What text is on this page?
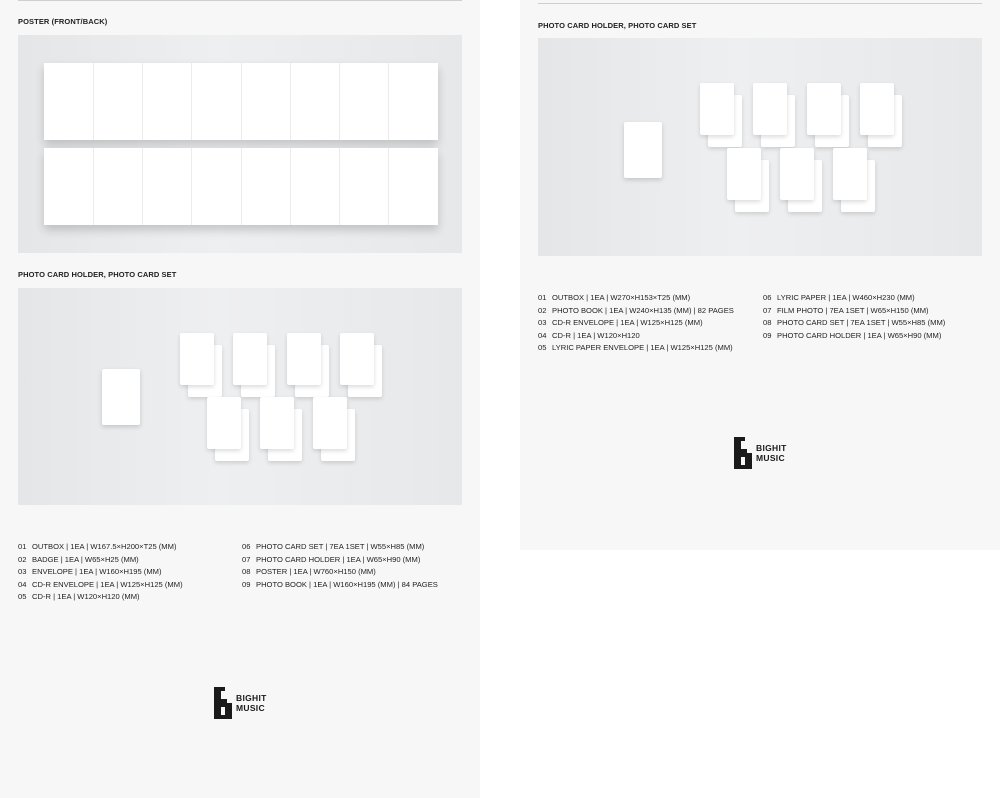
POSTER (FRONT/BACK)
PHOTO CARD HOLDER, PHOTO CARD SET
01 OUTBOX | 1EA | W167.5×H200×T25 (MM)
02 BADGE | 1EA | W65×H25 (MM)
03 ENVELOPE | 1EA | W160×H195 (MM)
04 CD-R ENVELOPE | 1EA | W125×H125 (MM)
05 CD-R | 1EA | W120×H120 (MM)
06 PHOTO CARD SET | 7EA 1SET | W55×H85 (MM)
07 PHOTO CARD HOLDER | 1EA | W65×H90 (MM)
08 POSTER | 1EA | W760×H150 (MM)
09 PHOTO BOOK | 1EA | W160×H195 (MM) | 84 PAGES
BIGHIT
MUSIC
PHOTO CARD HOLDER, PHOTO CARD SET
01 OUTBOX | 1EA | W270×H153×T25 (MM)
02 PHOTO BOOK | 1EA | W240×H135 (MM) | 82 PAGES
03 CD-R ENVELOPE | 1EA | W125×H125 (MM)
04 CD-R | 1EA | W120×H120
05 LYRIC PAPER ENVELOPE | 1EA | W125×H125 (MM)
06 LYRIC PAPER | 1EA | W460×H230 (MM)
07 FILM PHOTO | 7EA 1SET | W65×H150 (MM)
08 PHOTO CARD SET | 7EA 1SET | W55×H85 (MM)
09 PHOTO CARD HOLDER | 1EA | W65×H90 (MM)
BIGHIT
MUSIC
